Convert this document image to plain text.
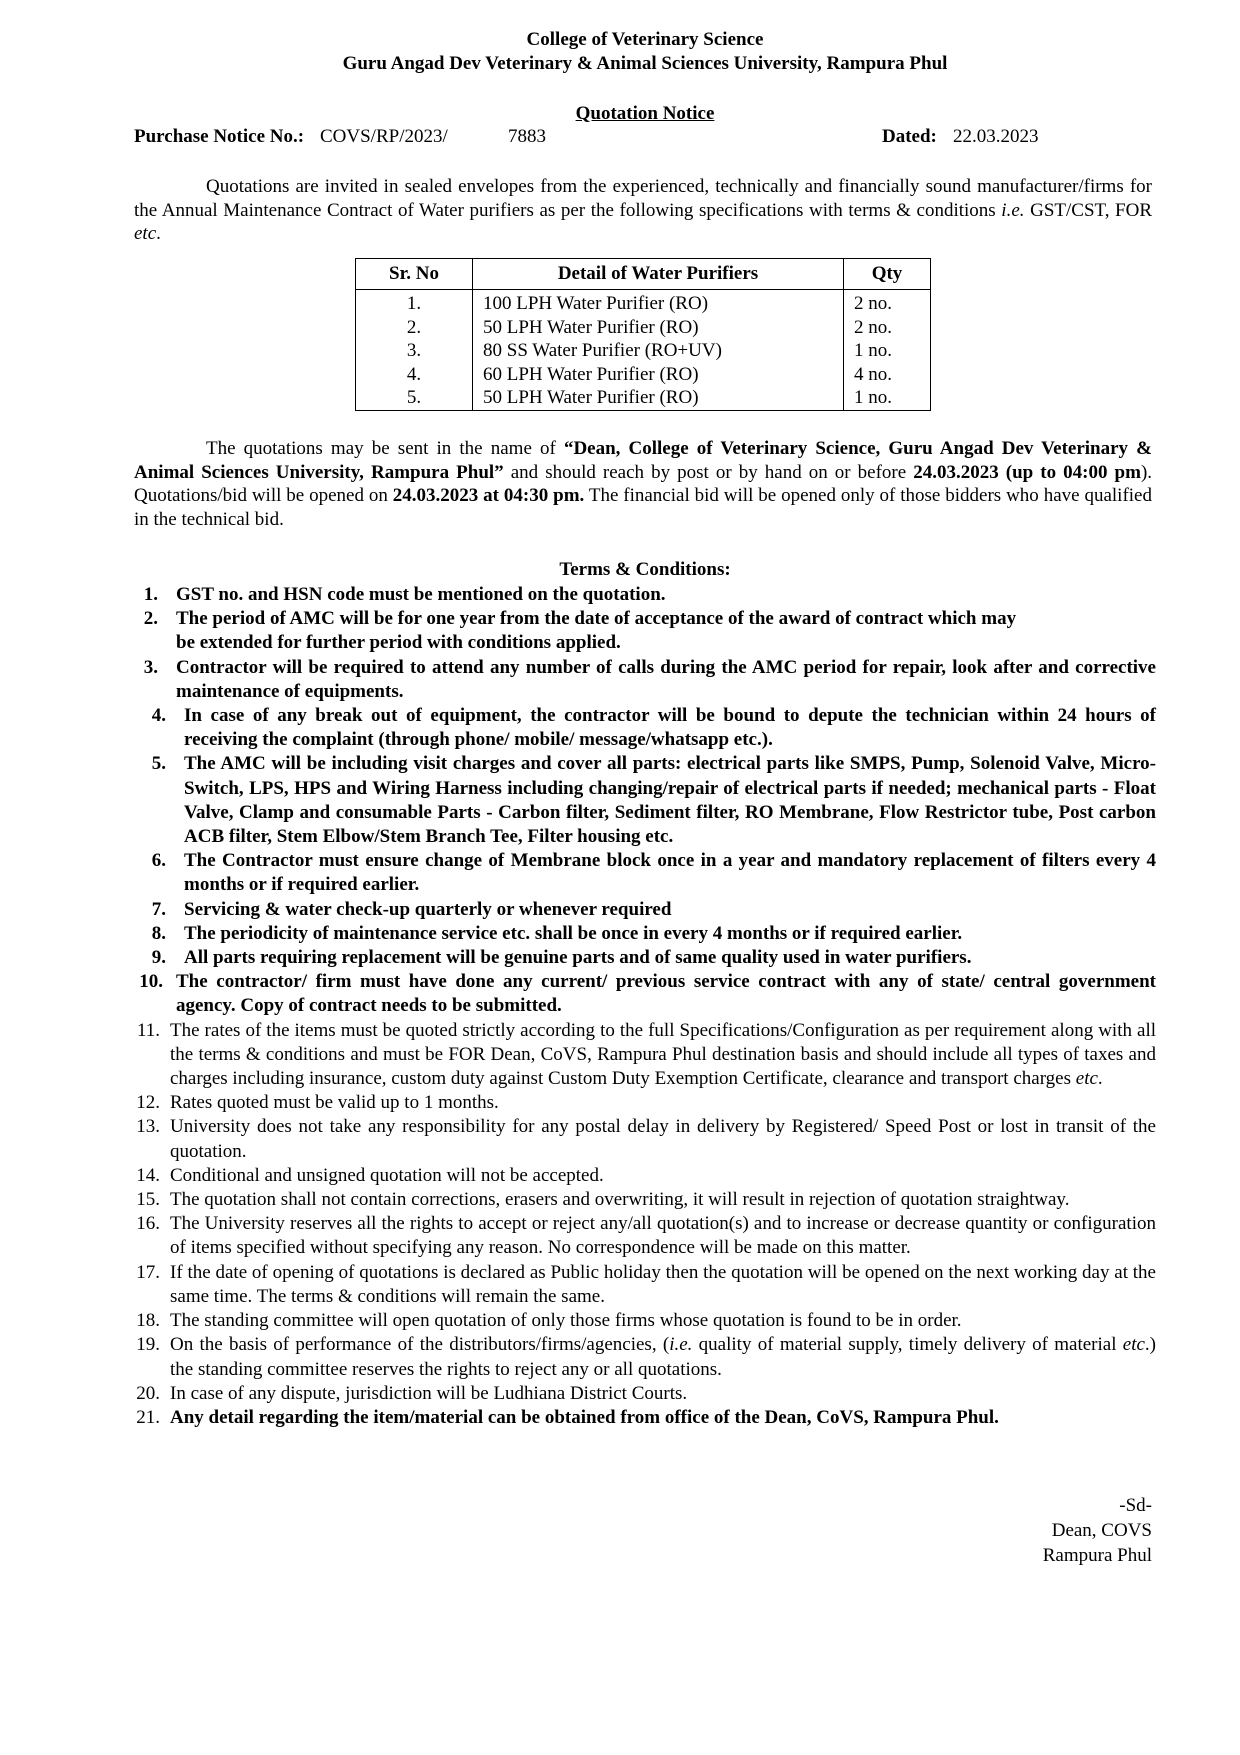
College of Veterinary Science
Guru Angad Dev Veterinary & Animal Sciences University, Rampura Phul
Quotation Notice
Purchase Notice No.: COVS/RP/2023/	7883	Dated: 22.03.2023

Quotations are invited in sealed envelopes from the experienced, technically and financially sound manufacturer/firms for the Annual Maintenance Contract of Water purifiers as per the following specifications with terms & conditions i.e. GST/CST, FOR etc.

Sr. No	Detail of Water Purifiers	Qty
1.	100 LPH Water Purifier (RO)	2 no.
2.	50 LPH Water Purifier (RO)	2 no.
3.	80 SS Water Purifier (RO+UV)	1 no.
4.	60 LPH Water Purifier (RO)	4 no.
5.	50 LPH Water Purifier (RO)	1 no.

The quotations may be sent in the name of “Dean, College of Veterinary Science, Guru Angad Dev Veterinary & Animal Sciences University, Rampura Phul” and should reach by post or by hand on or before 24.03.2023 (up to 04:00 pm). Quotations/bid will be opened on 24.03.2023 at 04:30 pm. The financial bid will be opened only of those bidders who have qualified in the technical bid.

Terms & Conditions:
1. GST no. and HSN code must be mentioned on the quotation.
2. The period of AMC will be for one year from the date of acceptance of the award of contract which may be extended for further period with conditions applied.
3. Contractor will be required to attend any number of calls during the AMC period for repair, look after and corrective maintenance of equipments.
4. In case of any break out of equipment, the contractor will be bound to depute the technician within 24 hours of receiving the complaint (through phone/ mobile/ message/whatsapp etc.).
5. The AMC will be including visit charges and cover all parts: electrical parts like SMPS, Pump, Solenoid Valve, Micro-Switch, LPS, HPS and Wiring Harness including changing/repair of electrical parts if needed; mechanical parts - Float Valve, Clamp and consumable Parts - Carbon filter, Sediment filter, RO Membrane, Flow Restrictor tube, Post carbon ACB filter, Stem Elbow/Stem Branch Tee, Filter housing etc.
6. The Contractor must ensure change of Membrane block once in a year and mandatory replacement of filters every 4 months or if required earlier.
7. Servicing & water check-up quarterly or whenever required
8. The periodicity of maintenance service etc. shall be once in every 4 months or if required earlier.
9. All parts requiring replacement will be genuine parts and of same quality used in water purifiers.
10. The contractor/ firm must have done any current/ previous service contract with any of state/ central government agency. Copy of contract needs to be submitted.
11. The rates of the items must be quoted strictly according to the full Specifications/Configuration as per requirement along with all the terms & conditions and must be FOR Dean, CoVS, Rampura Phul destination basis and should include all types of taxes and charges including insurance, custom duty against Custom Duty Exemption Certificate, clearance and transport charges etc.
12. Rates quoted must be valid up to 1 months.
13. University does not take any responsibility for any postal delay in delivery by Registered/ Speed Post or lost in transit of the quotation.
14. Conditional and unsigned quotation will not be accepted.
15. The quotation shall not contain corrections, erasers and overwriting, it will result in rejection of quotation straightway.
16. The University reserves all the rights to accept or reject any/all quotation(s) and to increase or decrease quantity or configuration of items specified without specifying any reason. No correspondence will be made on this matter.
17. If the date of opening of quotations is declared as Public holiday then the quotation will be opened on the next working day at the same time. The terms & conditions will remain the same.
18. The standing committee will open quotation of only those firms whose quotation is found to be in order.
19. On the basis of performance of the distributors/firms/agencies, (i.e. quality of material supply, timely delivery of material etc.) the standing committee reserves the rights to reject any or all quotations.
20. In case of any dispute, jurisdiction will be Ludhiana District Courts.
21. Any detail regarding the item/material can be obtained from office of the Dean, CoVS, Rampura Phul.
-Sd-
Dean, COVS
Rampura Phul
